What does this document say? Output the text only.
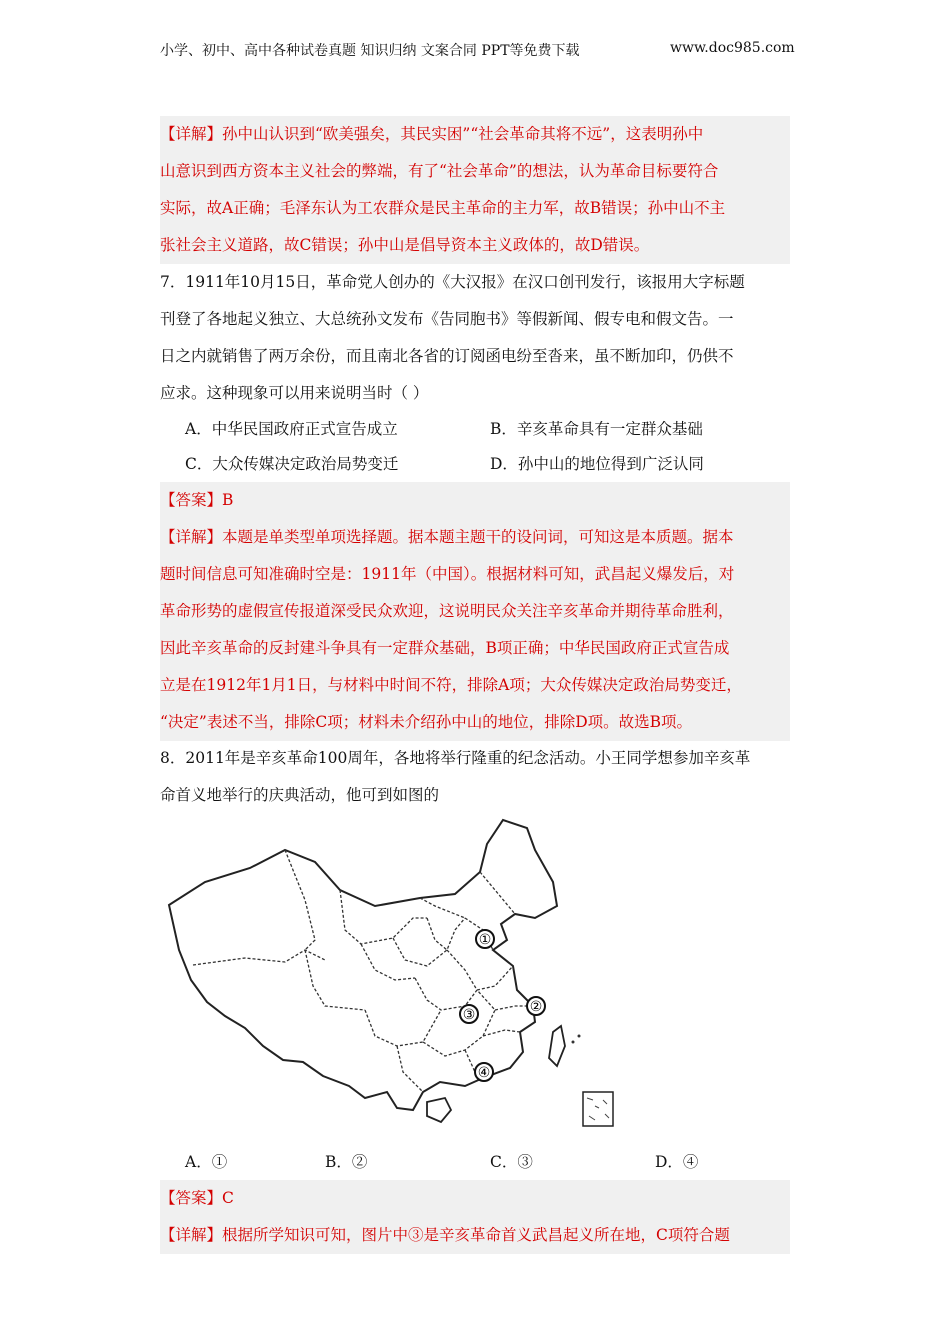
小学、初中、高中各种试卷真题 知识归纳 文案合同 PPT等免费下载	www.doc985.com
【详解】孙中山认识到“欧美强矣，其民实困”“社会革命其将不远”，这表明孙中
山意识到西方资本主义社会的弊端，有了“社会革命”的想法，认为革命目标要符合
实际，故A正确；毛泽东认为工农群众是民主革命的主力军，故B错误；孙中山不主
张社会主义道路，故C错误；孙中山是倡导资本主义政体的，故D错误。
7．1911年10月15日，革命党人创办的《大汉报》在汉口创刊发行，该报用大字标题
刊登了各地起义独立、大总统孙文发布《告同胞书》等假新闻、假专电和假文告。一
日之内就销售了两万余份，而且南北各省的订阅函电纷至沓来，虽不断加印，仍供不
应求。这种现象可以用来说明当时（ ）
A．中华民国政府正式宣告成立	B．辛亥革命具有一定群众基础
C．大众传媒决定政治局势变迁	D．孙中山的地位得到广泛认同
【答案】B
【详解】本题是单类型单项选择题。据本题主题干的设问词，可知这是本质题。据本
题时间信息可知准确时空是：1911年（中国）。根据材料可知，武昌起义爆发后，对
革命形势的虚假宣传报道深受民众欢迎，这说明民众关注辛亥革命并期待革命胜利，
因此辛亥革命的反封建斗争具有一定群众基础，B项正确；中华民国政府正式宣告成
立是在1912年1月1日，与材料中时间不符，排除A项；大众传媒决定政治局势变迁，
“决定”表述不当，排除C项；材料未介绍孙中山的地位，排除D项。故选B项。
8．2011年是辛亥革命100周年，各地将举行隆重的纪念活动。小王同学想参加辛亥革
命首义地举行的庆典活动，他可到如图的
①
②
③
④
A．①	B．②	C．③	D．④
【答案】C
【详解】根据所学知识可知，图片中③是辛亥革命首义武昌起义所在地，C项符合题
